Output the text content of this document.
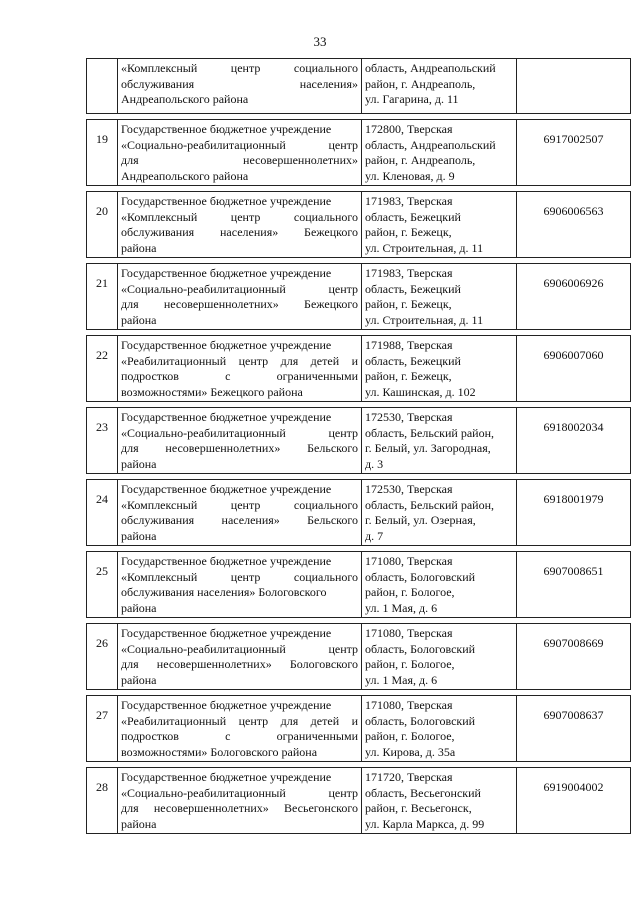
33

	«Комплексный центр социального
обслуживания населения»
Андреапольского района	область, Андреапольский
район, г. Андреаполь,
ул. Гагарина, д. 11	

19	Государственное бюджетное учреждение
«Социально-реабилитационный центр
для несовершеннолетних»
Андреапольского района	172800, Тверская
область, Андреапольский
район, г. Андреаполь,
ул. Кленовая, д. 9	6917002507

20	Государственное бюджетное учреждение
«Комплексный центр социального
обслуживания населения» Бежецкого
района	171983, Тверская
область, Бежецкий
район, г. Бежецк,
ул. Строительная, д. 11	6906006563

21	Государственное бюджетное учреждение
«Социально-реабилитационный центр
для несовершеннолетних» Бежецкого
района	171983, Тверская
область, Бежецкий
район, г. Бежецк,
ул. Строительная, д. 11	6906006926

22	Государственное бюджетное учреждение
«Реабилитационный центр для детей и
подростков с ограниченными
возможностями» Бежецкого района	171988, Тверская
область, Бежецкий
район, г. Бежецк,
ул. Кашинская, д. 102	6906007060

23	Государственное бюджетное учреждение
«Социально-реабилитационный центр
для несовершеннолетних» Бельского
района	172530, Тверская
область, Бельский район,
г. Белый, ул. Загородная,
д. 3	6918002034

24	Государственное бюджетное учреждение
«Комплексный центр социального
обслуживания населения» Бельского
района	172530, Тверская
область, Бельский район,
г. Белый, ул. Озерная,
д. 7	6918001979

25	Государственное бюджетное учреждение
«Комплексный центр социального
обслуживания населения» Бологовского
района	171080, Тверская
область, Бологовский
район, г. Бологое,
ул. 1 Мая, д. 6	6907008651

26	Государственное бюджетное учреждение
«Социально-реабилитационный центр
для несовершеннолетних» Бологовского
района	171080, Тверская
область, Бологовский
район, г. Бологое,
ул. 1 Мая, д. 6	6907008669

27	Государственное бюджетное учреждение
«Реабилитационный центр для детей и
подростков с ограниченными
возможностями» Бологовского района	171080, Тверская
область, Бологовский
район, г. Бологое,
ул. Кирова, д. 35а	6907008637

28	Государственное бюджетное учреждение
«Социально-реабилитационный центр
для несовершеннолетних» Весьегонского
района	171720, Тверская
область, Весьегонский
район, г. Весьегонск,
ул. Карла Маркса, д. 99	6919004002
